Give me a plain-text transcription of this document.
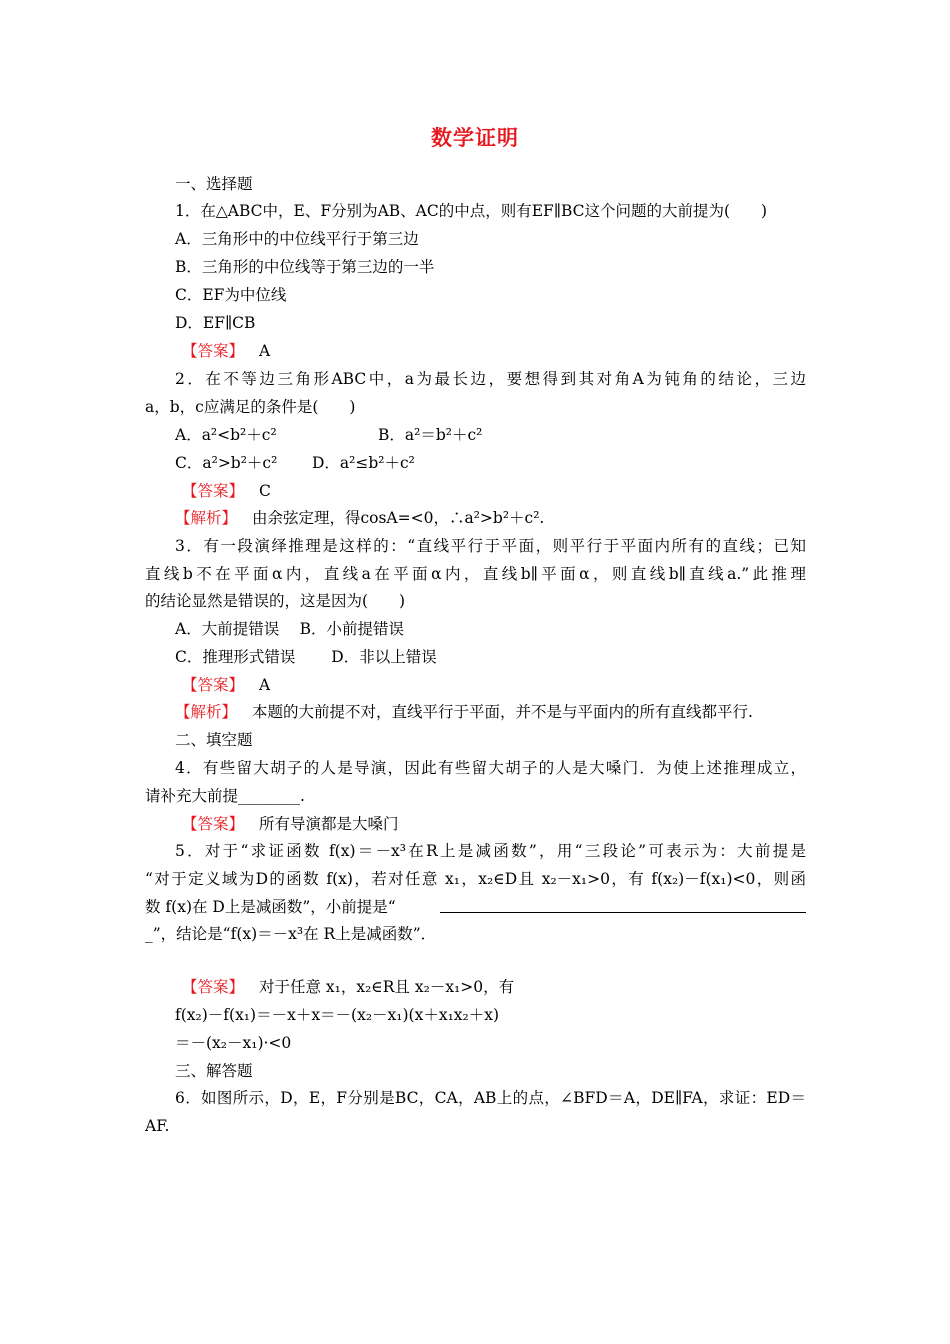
数学证明
一、选择题
1．在△ABC中，E、F分别为AB、AC的中点，则有EF∥BC这个问题的大前提为(　　)
A．三角形中的中位线平行于第三边
B．三角形的中位线等于第三边的一半
C．EF为中位线
D．EF∥CB
【答案】 A
2．在不等边三角形ABC中，a为最长边，要想得到其对角A为钝角的结论，三边
a，b，c应满足的条件是(　　)
A．a²<b²＋c²	B．a²＝b²＋c²
C．a²>b²＋c² D．a²≤b²＋c²
【答案】 C
【解析】 由余弦定理，得cosA=<0，∴a²>b²＋c².
3．有一段演绎推理是这样的：“直线平行于平面，则平行于平面内所有的直线；已知
直线b不在平面α内，直线a在平面α内，直线b∥平面α，则直线b∥直线a.”此推理
的结论显然是错误的，这是因为(　　)
A．大前提错误　 B．小前提错误
C．推理形式错误　　 D．非以上错误
【答案】 A
【解析】 本题的大前提不对，直线平行于平面，并不是与平面内的所有直线都平行.
二、填空题
4．有些留大胡子的人是导演，因此有些留大胡子的人是大嗓门．为使上述推理成立，
请补充大前提________.
【答案】 所有导演都是大嗓门
5．对于“求证函数 f(x)＝－x³在R上是减函数”，用“三段论”可表示为：大前提是
“对于定义域为D的函数 f(x)，若对任意 x₁，x₂∈D且 x₂－x₁>0，有 f(x₂)－f(x₁)<0，则函
数 f(x)在 D上是减函数”，小前提是“
_”，结论是“f(x)＝－x³在 R上是减函数”．
【答案】 对于任意 x₁，x₂∈R且 x₂－x₁>0，有
f(x₂)－f(x₁)＝－x＋x＝－(x₂－x₁)(x＋x₁x₂＋x)
＝－(x₂－x₁)·<0
三、解答题
6．如图所示，D，E，F分别是BC，CA，AB上的点，∠BFD＝A，DE∥FA，求证：ED＝
AF.
